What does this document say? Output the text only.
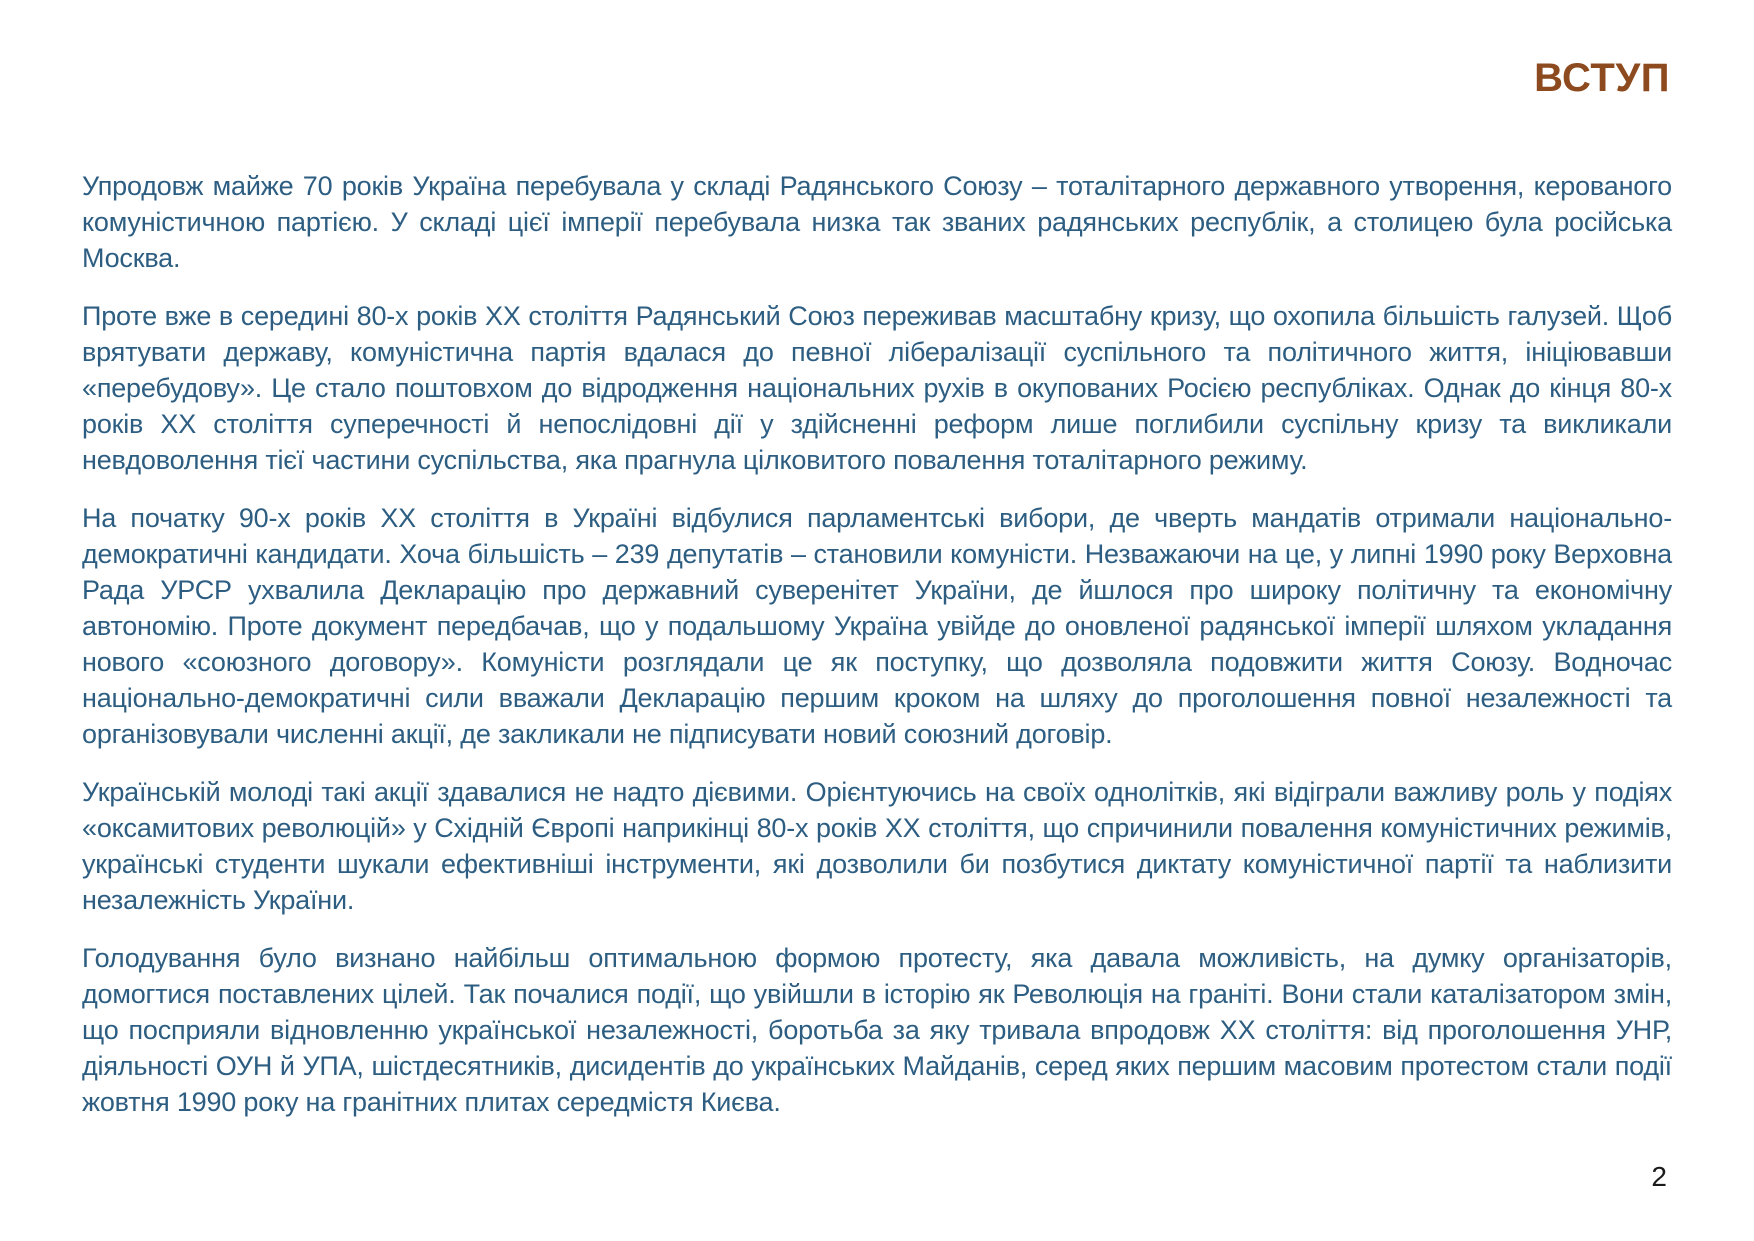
ВСТУП

Упродовж майже 70 років Україна перебувала у складі Радянського Союзу – тоталітарного державного утворення, керованого комуністичною партією. У складі цієї імперії перебувала низка так званих радянських республік, а столицею була російська Москва.

Проте вже в середині 80-х років ХХ століття Радянський Союз переживав масштабну кризу, що охопила більшість галузей. Щоб врятувати державу, комуністична партія вдалася до певної лібералізації суспільного та політичного життя, ініціювавши «перебудову». Це стало поштовхом до відродження національних рухів в окупованих Росією республіках. Однак до кінця 80-х років ХХ століття суперечності й непослідовні дії у здійсненні реформ лише поглибили суспільну кризу та викликали невдоволення тієї частини суспільства, яка прагнула цілковитого повалення тоталітарного режиму.

На початку 90-х років ХХ століття в Україні відбулися парламентські вибори, де чверть мандатів отримали національно-демократичні кандидати. Хоча більшість – 239 депутатів – становили комуністи. Незважаючи на це, у липні 1990 року Верховна Рада УРСР ухвалила Декларацію про державний суверенітет України, де йшлося про широку політичну та економічну автономію. Проте документ передбачав, що у подальшому Україна увійде до оновленої радянської імперії шляхом укладання нового «союзного договору». Комуністи розглядали це як поступку, що дозволяла подовжити життя Союзу. Водночас національно-демократичні сили вважали Декларацію першим кроком на шляху до проголошення повної незалежності та організовували численні акції, де закликали не підписувати новий союзний договір.

Українській молоді такі акції здавалися не надто дієвими. Орієнтуючись на своїх однолітків, які відіграли важливу роль у подіях «оксамитових революцій» у Східній Європі наприкінці 80-х років ХХ століття, що спричинили повалення комуністичних режимів, українські студенти шукали ефективніші інструменти, які дозволили би позбутися диктату комуністичної партії та наблизити незалежність України.

Голодування було визнано найбільш оптимальною формою протесту, яка давала можливість, на думку організаторів, домогтися поставлених цілей. Так почалися події, що увійшли в історію як Революція на граніті. Вони стали каталізатором змін, що посприяли відновленню української незалежності, боротьба за яку тривала впродовж ХХ століття: від проголошення УНР, діяльності ОУН й УПА, шістдесятників, дисидентів до українських Майданів, серед яких першим масовим протестом стали події жовтня 1990 року на гранітних плитах середмістя Києва.

2
